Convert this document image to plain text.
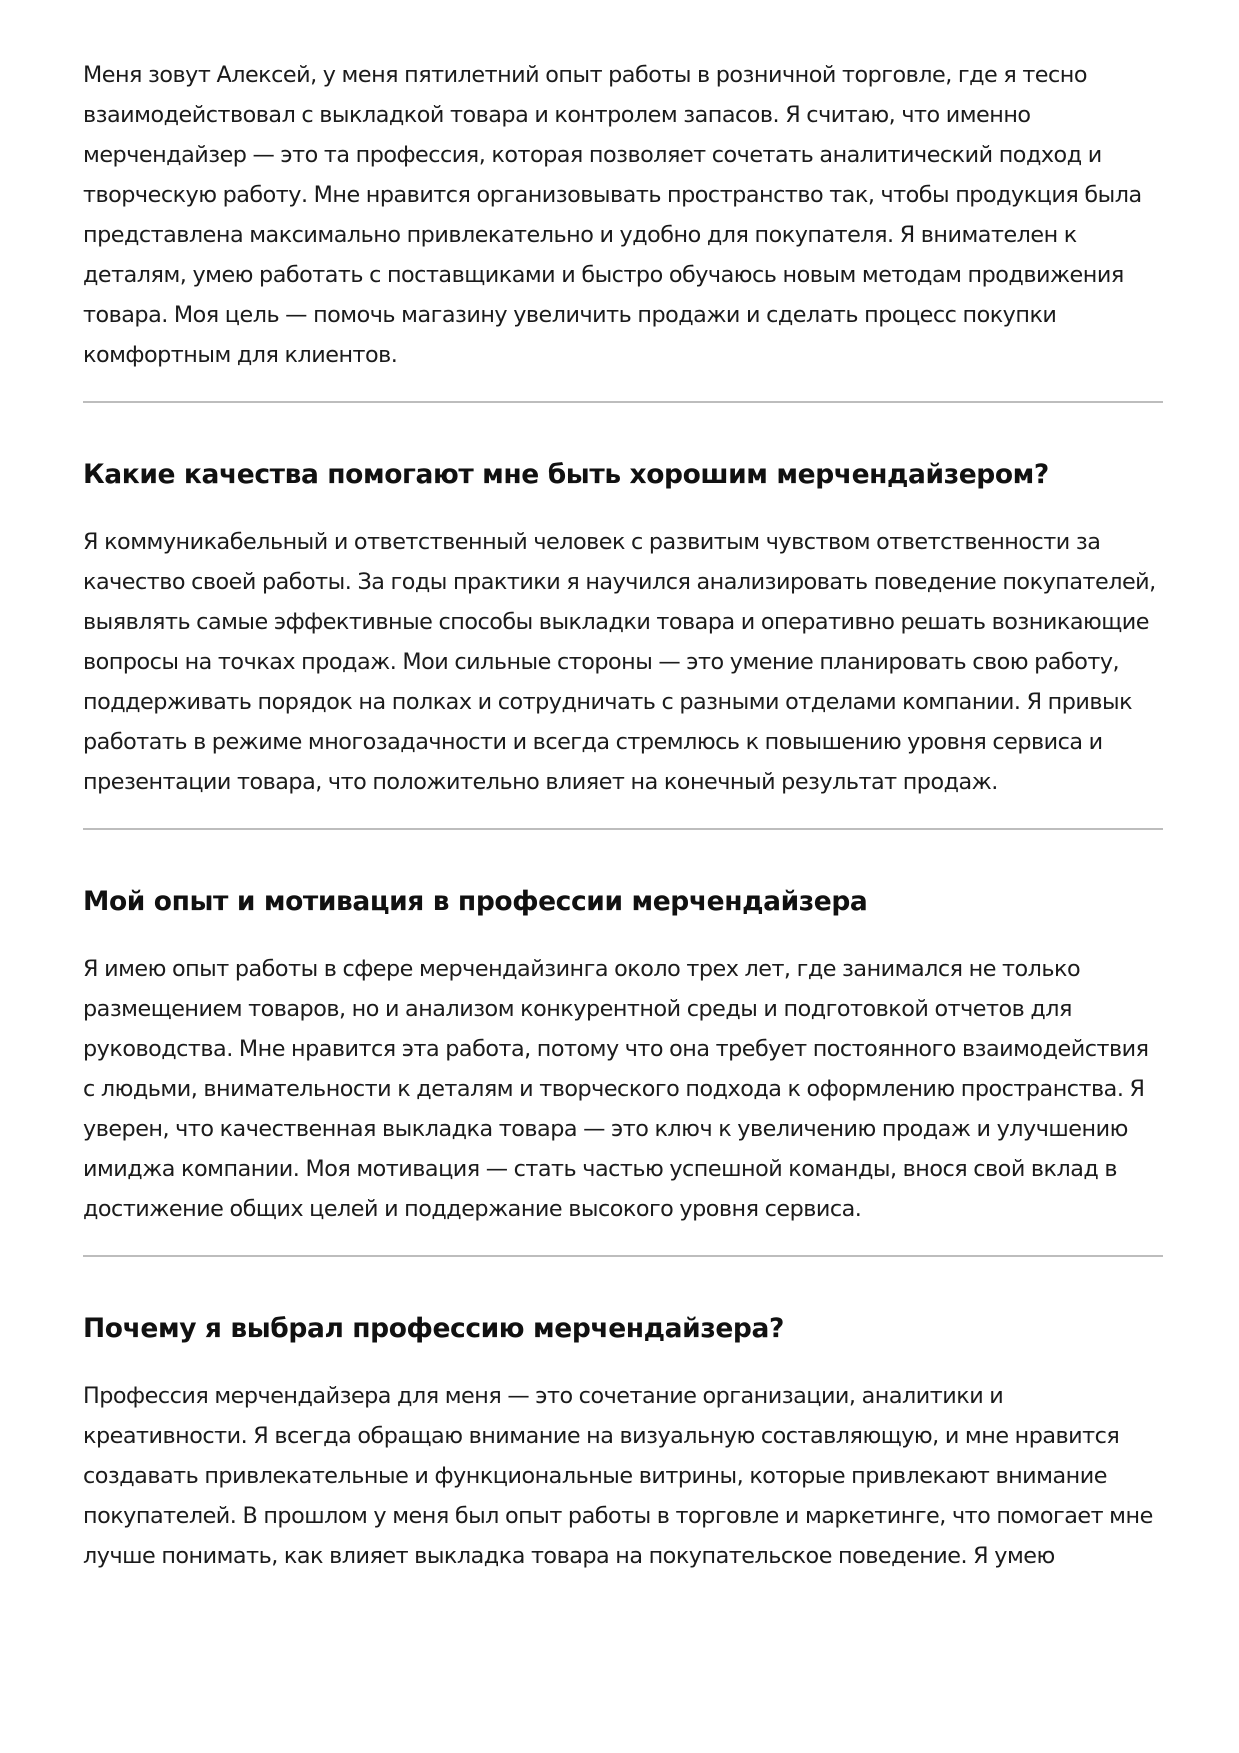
Меня зовут Алексей, у меня пятилетний опыт работы в розничной торговле, где я тесно взаимодействовал с выкладкой товара и контролем запасов. Я считаю, что именно мерчендайзер — это та профессия, которая позволяет сочетать аналитический подход и творческую работу. Мне нравится организовывать пространство так, чтобы продукция была представлена максимально привлекательно и удобно для покупателя. Я внимателен к деталям, умею работать с поставщиками и быстро обучаюсь новым методам продвижения товара. Моя цель — помочь магазину увеличить продажи и сделать процесс покупки комфортным для клиентов.

Какие качества помогают мне быть хорошим мерчендайзером?

Я коммуникабельный и ответственный человек с развитым чувством ответственности за качество своей работы. За годы практики я научился анализировать поведение покупателей, выявлять самые эффективные способы выкладки товара и оперативно решать возникающие вопросы на точках продаж. Мои сильные стороны — это умение планировать свою работу, поддерживать порядок на полках и сотрудничать с разными отделами компании. Я привык работать в режиме многозадачности и всегда стремлюсь к повышению уровня сервиса и презентации товара, что положительно влияет на конечный результат продаж.

Мой опыт и мотивация в профессии мерчендайзера

Я имею опыт работы в сфере мерчендайзинга около трех лет, где занимался не только размещением товаров, но и анализом конкурентной среды и подготовкой отчетов для руководства. Мне нравится эта работа, потому что она требует постоянного взаимодействия с людьми, внимательности к деталям и творческого подхода к оформлению пространства. Я уверен, что качественная выкладка товара — это ключ к увеличению продаж и улучшению имиджа компании. Моя мотивация — стать частью успешной команды, внося свой вклад в достижение общих целей и поддержание высокого уровня сервиса.

Почему я выбрал профессию мерчендайзера?

Профессия мерчендайзера для меня — это сочетание организации, аналитики и креативности. Я всегда обращаю внимание на визуальную составляющую, и мне нравится создавать привлекательные и функциональные витрины, которые привлекают внимание покупателей. В прошлом у меня был опыт работы в торговле и маркетинге, что помогает мне лучше понимать, как влияет выкладка товара на покупательское поведение. Я умею
